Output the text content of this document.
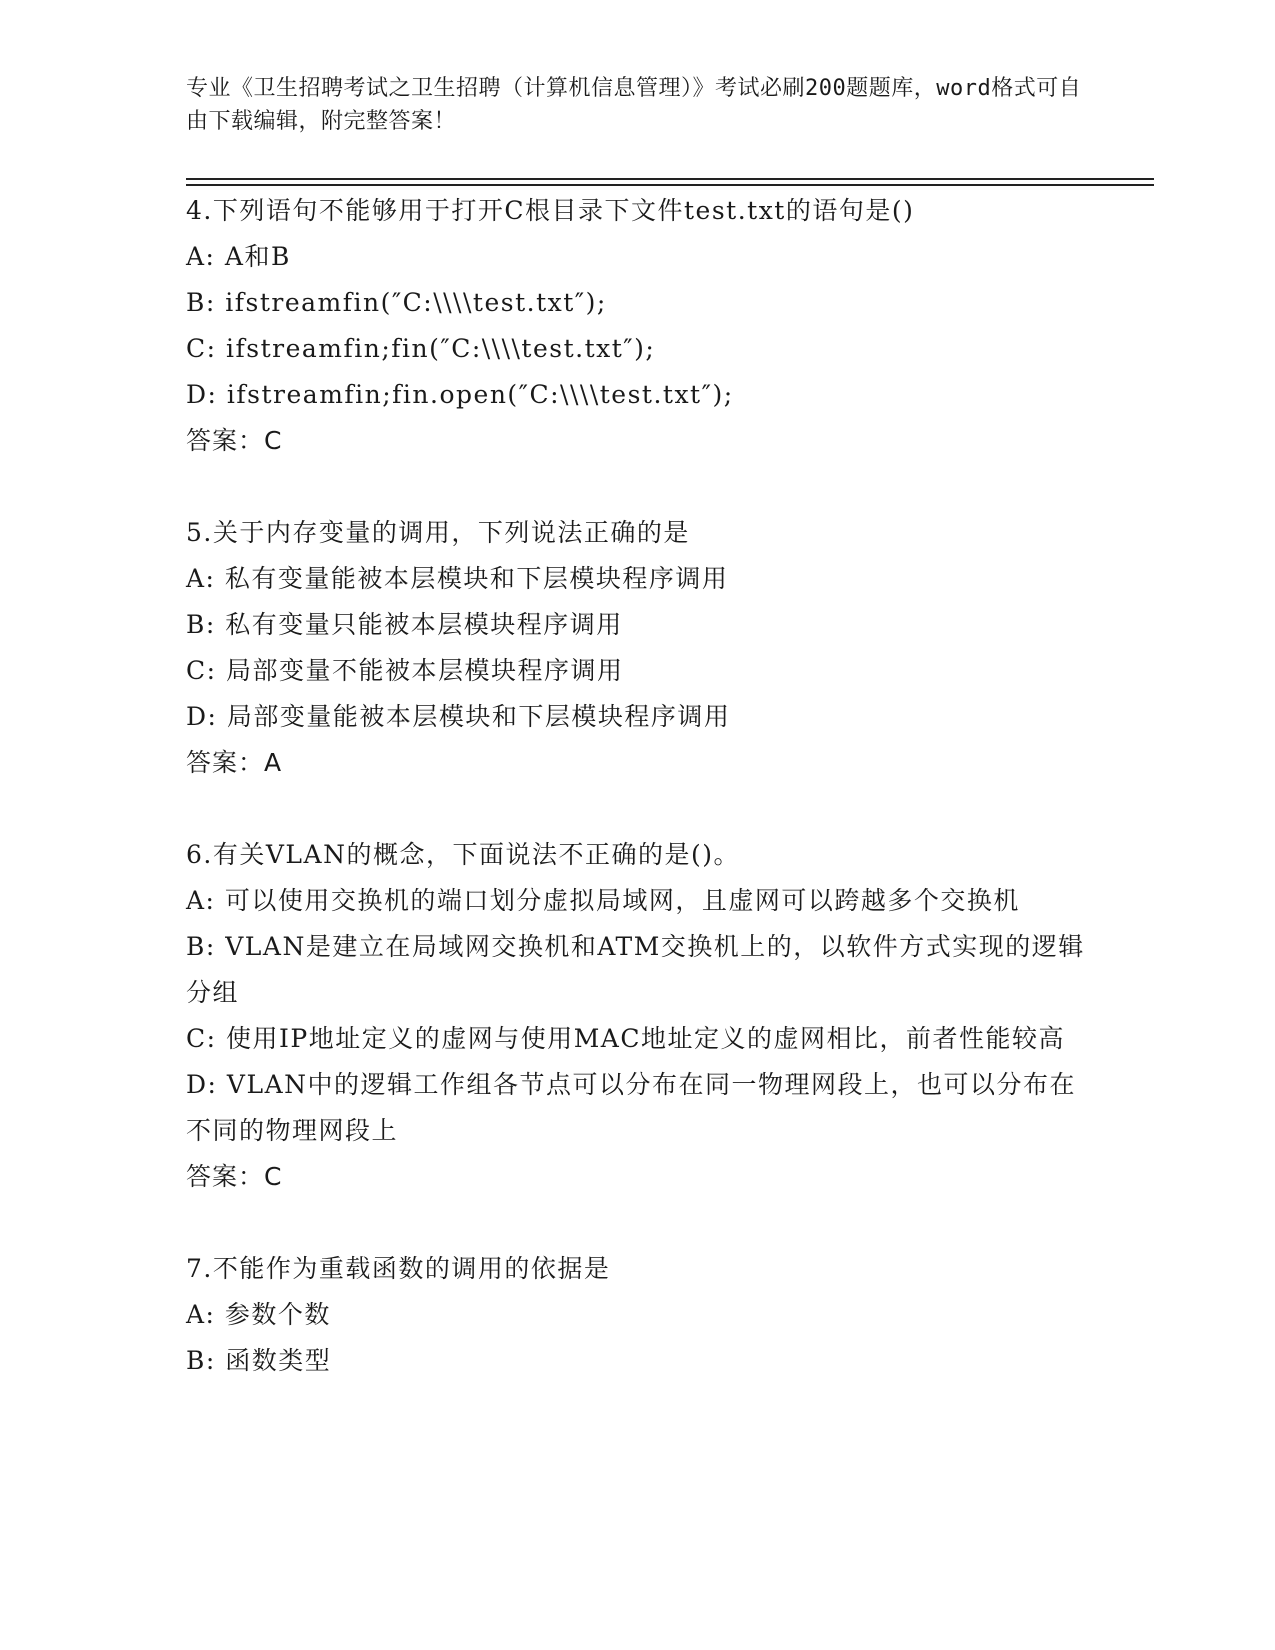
专业《卫生招聘考试之卫生招聘（计算机信息管理）》考试必刷200题题库，word格式可自由下载编辑，附完整答案！
4.下列语句不能够用于打开C根目录下文件test.txt的语句是()
A: A和B
B: ifstreamfin(″C:\\\\test.txt″);
C: ifstreamfin;fin(″C:\\\\test.txt″);
D: ifstreamfin;fin.open(″C:\\\\test.txt″);
答案：C
5.关于内存变量的调用，下列说法正确的是
A: 私有变量能被本层模块和下层模块程序调用
B: 私有变量只能被本层模块程序调用
C: 局部变量不能被本层模块程序调用
D: 局部变量能被本层模块和下层模块程序调用
答案：A
6.有关VLAN的概念，下面说法不正确的是()。
A: 可以使用交换机的端口划分虚拟局域网，且虚网可以跨越多个交换机
B: VLAN是建立在局域网交换机和ATM交换机上的，以软件方式实现的逻辑分组
C: 使用IP地址定义的虚网与使用MAC地址定义的虚网相比，前者性能较高
D: VLAN中的逻辑工作组各节点可以分布在同一物理网段上，也可以分布在不同的物理网段上
答案：C
7.不能作为重载函数的调用的依据是
A: 参数个数
B: 函数类型
